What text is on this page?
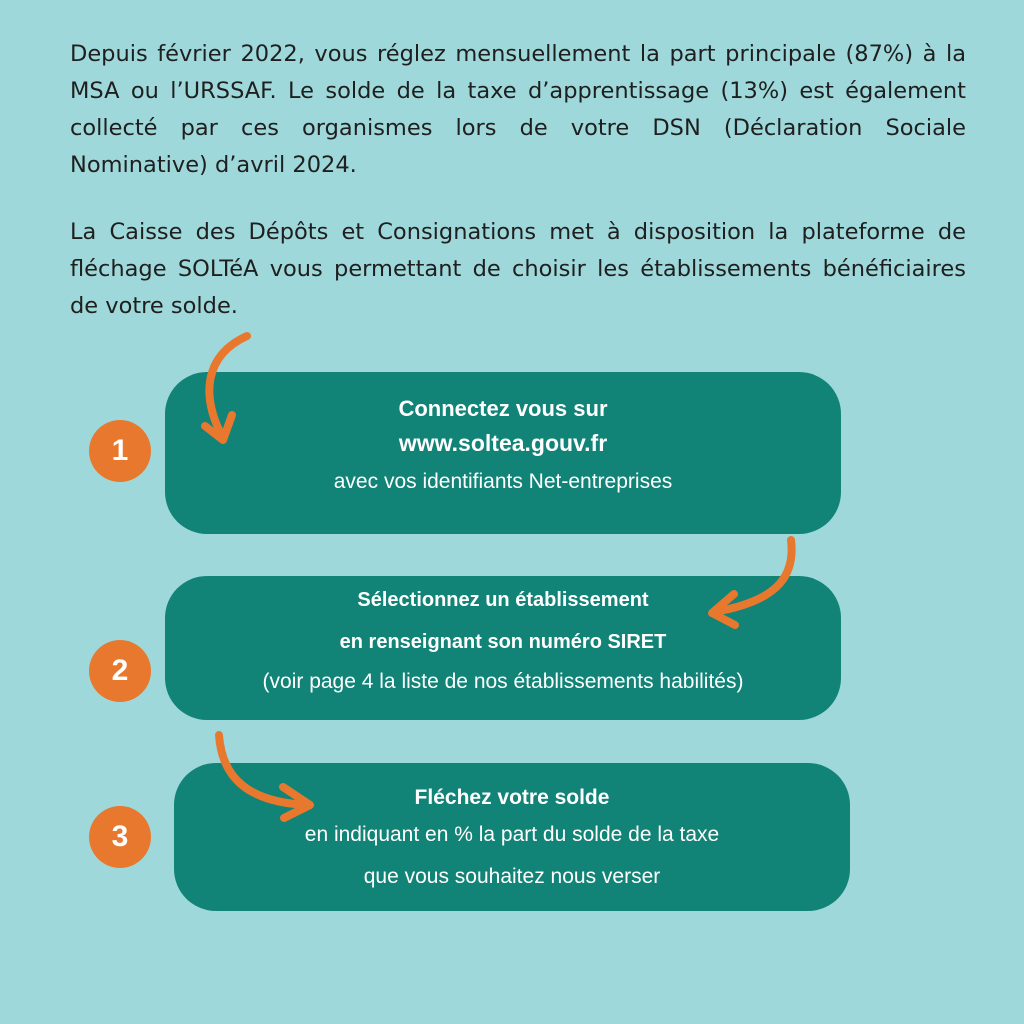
Depuis février 2022, vous réglez mensuellement la part principale (87%) à la MSA ou l’URSSAF. Le solde de la taxe d’apprentissage (13%) est également collecté par ces organismes lors de votre DSN (Déclaration Sociale Nominative) d’avril 2024.

La Caisse des Dépôts et Consignations met à disposition la plateforme de fléchage SOLTéA vous permettant de choisir les établissements bénéficiaires de votre solde.

Connectez vous sur
www.soltea.gouv.fr
avec vos identifiants Net-entreprises
1
Sélectionnez un établissement
en renseignant son numéro SIRET
(voir page 4 la liste de nos établissements habilités)
2
Fléchez votre solde
en indiquant en % la part du solde de la taxe
que vous souhaitez nous verser
3
